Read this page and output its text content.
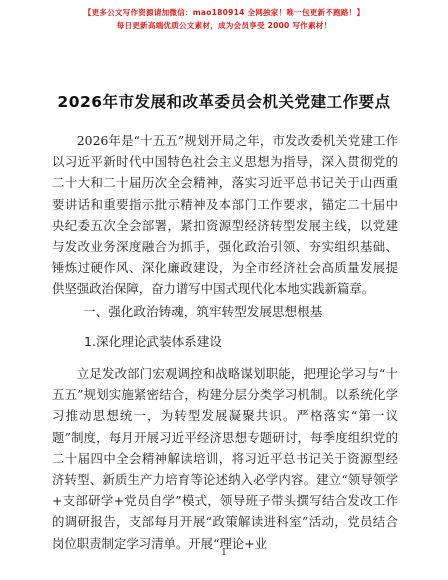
【更多公文写作资源请加微信：mao180914 全网独家！唯一包更新不跑路！】
每日更新高端优质公文素材，成为会员享受 2000 写作素材！
2026年市发展和改革委员会机关党建工作要点
2026年是“十五五”规划开局之年，市发改委机关党建工作以习近平新时代中国特色社会主义思想为指导，深入贯彻党的二十大和二十届历次全会精神，落实习近平总书记关于山西重要讲话和重要指示批示精神及本部门工作要求，锚定二十届中央纪委五次全会部署，紧扣资源型经济转型发展主线，以党建与发改业务深度融合为抓手，强化政治引领、夯实组织基础、锤炼过硬作风、深化廉政建设，为全市经济社会高质量发展提供坚强政治保障，奋力谱写中国式现代化本地实践新篇章。
一、强化政治铸魂，筑牢转型发展思想根基
1.深化理论武装体系建设
立足发改部门宏观调控和战略谋划职能，把理论学习与“十五五”规划实施紧密结合，构建分层分类学习机制。以系统化学习推动思想统一，为转型发展凝聚共识。严格落实“第一议题”制度，每月开展习近平经济思想专题研讨，每季度组织党的二十届四中全会精神解读培训，将习近平总书记关于资源型经济转型、新质生产力培育等论述纳入必学内容。建立“领导领学+支部研学+党员自学”模式，领导班子带头撰写结合发改工作的调研报告，支部每月开展“政策解读进科室”活动，党员结合岗位职责制定学习清单。开展“理论+业
1
